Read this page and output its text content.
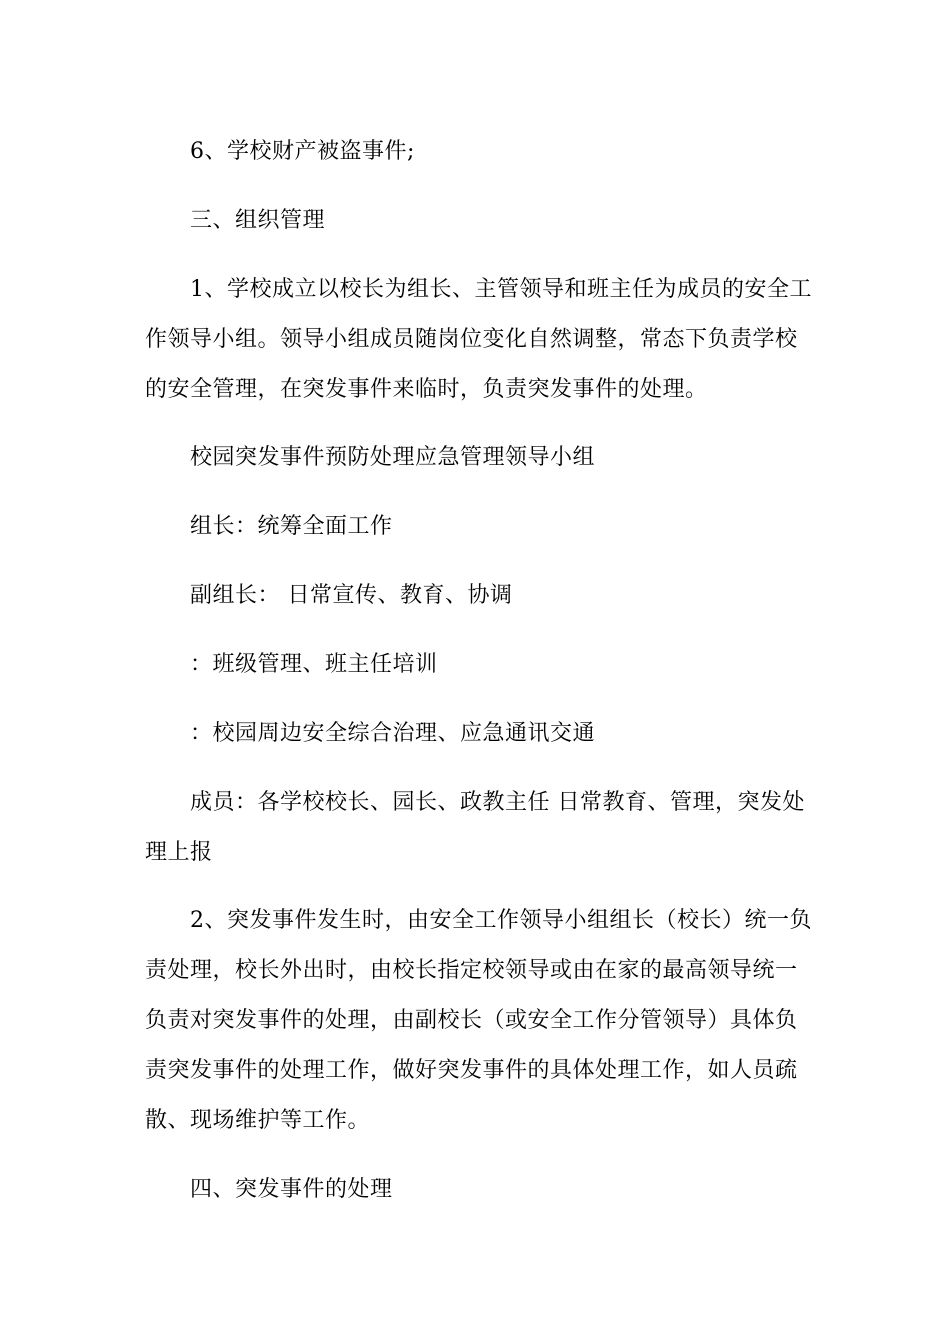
6、学校财产被盗事件;

三、组织管理

1、学校成立以校长为组长、主管领导和班主任为成员的安全工

作领导小组。领导小组成员随岗位变化自然调整，常态下负责学校

的安全管理，在突发事件来临时，负责突发事件的处理。

校园突发事件预防处理应急管理领导小组

组长：统筹全面工作

副组长： 日常宣传、教育、协调

：班级管理、班主任培训

：校园周边安全综合治理、应急通讯交通

成员：各学校校长、园长、政教主任 日常教育、管理，突发处

理上报

2、突发事件发生时，由安全工作领导小组组长（校长）统一负

责处理，校长外出时，由校长指定校领导或由在家的最高领导统一

负责对突发事件的处理，由副校长（或安全工作分管领导）具体负

责突发事件的处理工作，做好突发事件的具体处理工作，如人员疏

散、现场维护等工作。

四、突发事件的处理
